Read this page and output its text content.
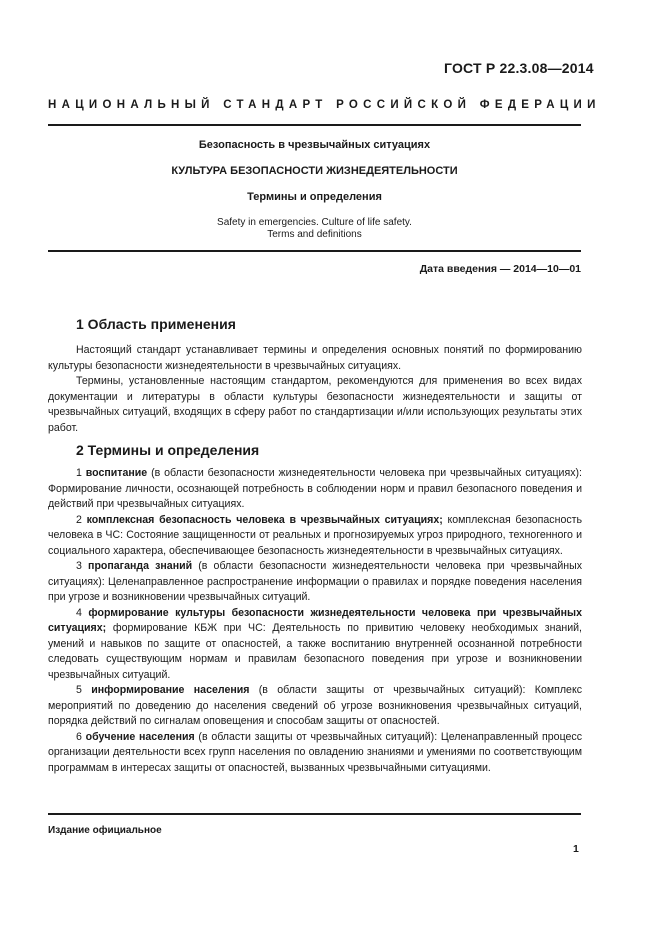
ГОСТ Р 22.3.08—2014
НАЦИОНАЛЬНЫЙ СТАНДАРТ РОССИЙСКОЙ ФЕДЕРАЦИИ
Безопасность в чрезвычайных ситуациях
КУЛЬТУРА БЕЗОПАСНОСТИ ЖИЗНЕДЕЯТЕЛЬНОСТИ
Термины и определения
Safety in emergencies. Culture of life safety.
Terms and definitions
Дата введения — 2014—10—01
1 Область применения

Настоящий стандарт устанавливает термины и определения основных понятий по формированию культуры безопасности жизнедеятельности в чрезвычайных ситуациях.

Термины, установленные настоящим стандартом, рекомендуются для применения во всех видах документации и литературы в области культуры безопасности жизнедеятельности и защиты от чрезвычайных ситуаций, входящих в сферу работ по стандартизации и/или использующих результаты этих работ.

2 Термины и определения

1 воспитание (в области безопасности жизнедеятельности человека при чрезвычайных ситуациях): Формирование личности, осознающей потребность в соблюдении норм и правил безопасного поведения и действий при чрезвычайных ситуациях.

2 комплексная безопасность человека в чрезвычайных ситуациях; комплексная безопасность человека в ЧС: Состояние защищенности от реальных и прогнозируемых угроз природного, техногенного и социального характера, обеспечивающее безопасность жизнедеятельности в чрезвычайных ситуациях.

3 пропаганда знаний (в области безопасности жизнедеятельности человека при чрезвычайных ситуациях): Целенаправленное распространение информации о правилах и порядке поведения населения при угрозе и возникновении чрезвычайных ситуаций.

4 формирование культуры безопасности жизнедеятельности человека при чрезвычайных ситуациях; формирование КБЖ при ЧС: Деятельность по привитию человеку необходимых знаний, умений и навыков по защите от опасностей, а также воспитанию внутренней осознанной потребности следовать существующим нормам и правилам безопасного поведения при угрозе и возникновении чрезвычайных ситуаций.

5 информирование населения (в области защиты от чрезвычайных ситуаций): Комплекс мероприятий по доведению до населения сведений об угрозе возникновения чрезвычайных ситуаций, порядка действий по сигналам оповещения и способам защиты от опасностей.

6 обучение населения (в области защиты от чрезвычайных ситуаций): Целенаправленный процесс организации деятельности всех групп населения по овладению знаниями и умениями по соответствующим программам в интересах защиты от опасностей, вызванных чрезвычайными ситуациями.

Издание официальное
1
